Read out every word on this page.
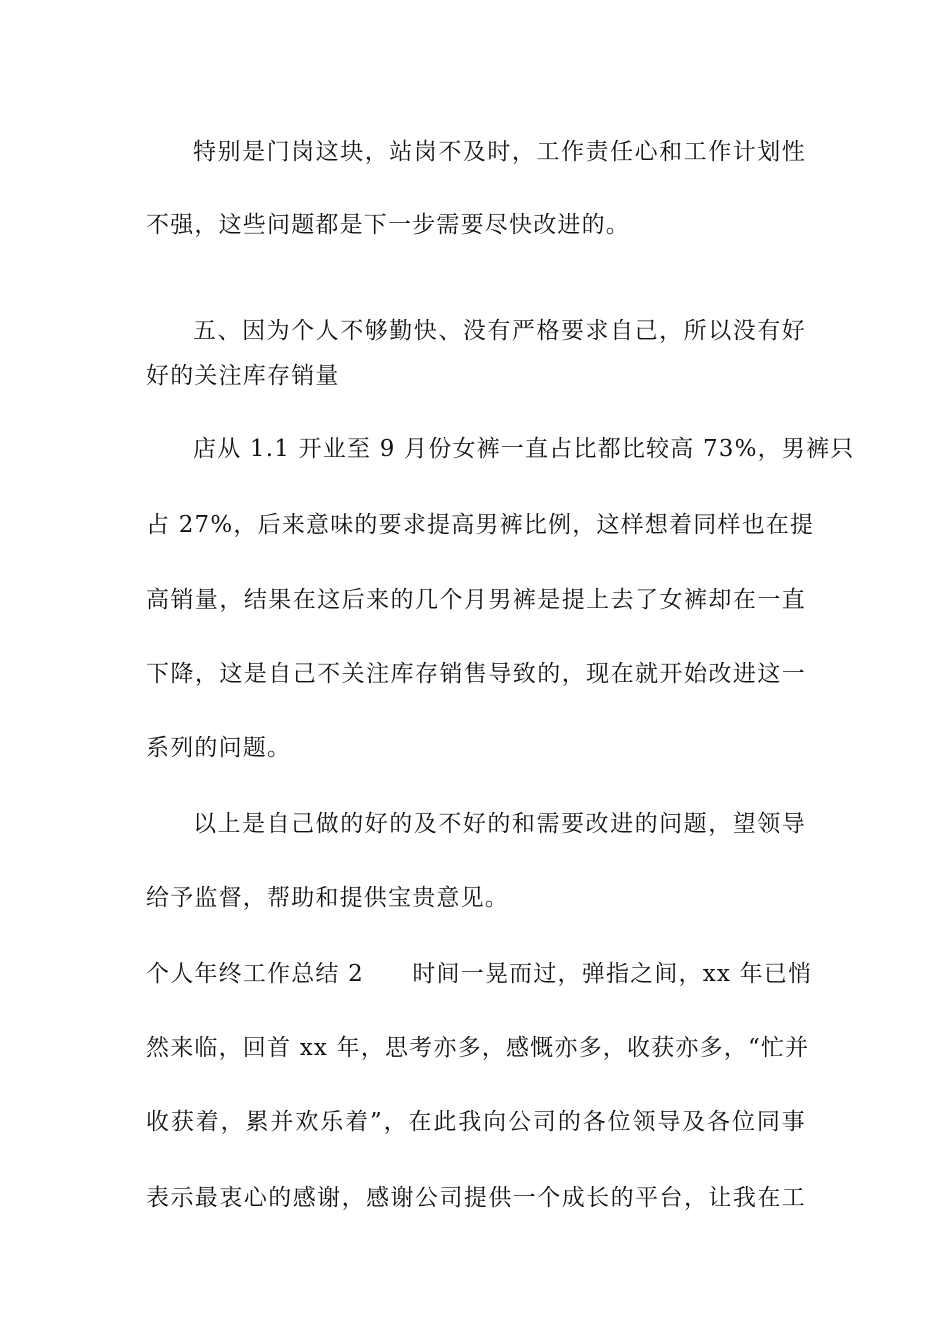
特别是门岗这块，站岗不及时，工作责任心和工作计划性
不强，这些问题都是下一步需要尽快改进的。
五、因为个人不够勤快、没有严格要求自己，所以没有好
好的关注库存销量
店从 1.1 开业至 9 月份女裤一直占比都比较高 73%，男裤只
占 27%，后来意味的要求提高男裤比例，这样想着同样也在提
高销量，结果在这后来的几个月男裤是提上去了女裤却在一直
下降，这是自己不关注库存销售导致的，现在就开始改进这一
系列的问题。
以上是自己做的好的及不好的和需要改进的问题，望领导
给予监督，帮助和提供宝贵意见。
个人年终工作总结 2　　时间一晃而过，弹指之间，xx 年已悄
然来临，回首 xx 年，思考亦多，感慨亦多，收获亦多，“忙并
收获着，累并欢乐着”，在此我向公司的各位领导及各位同事
表示最衷心的感谢，感谢公司提供一个成长的平台，让我在工
